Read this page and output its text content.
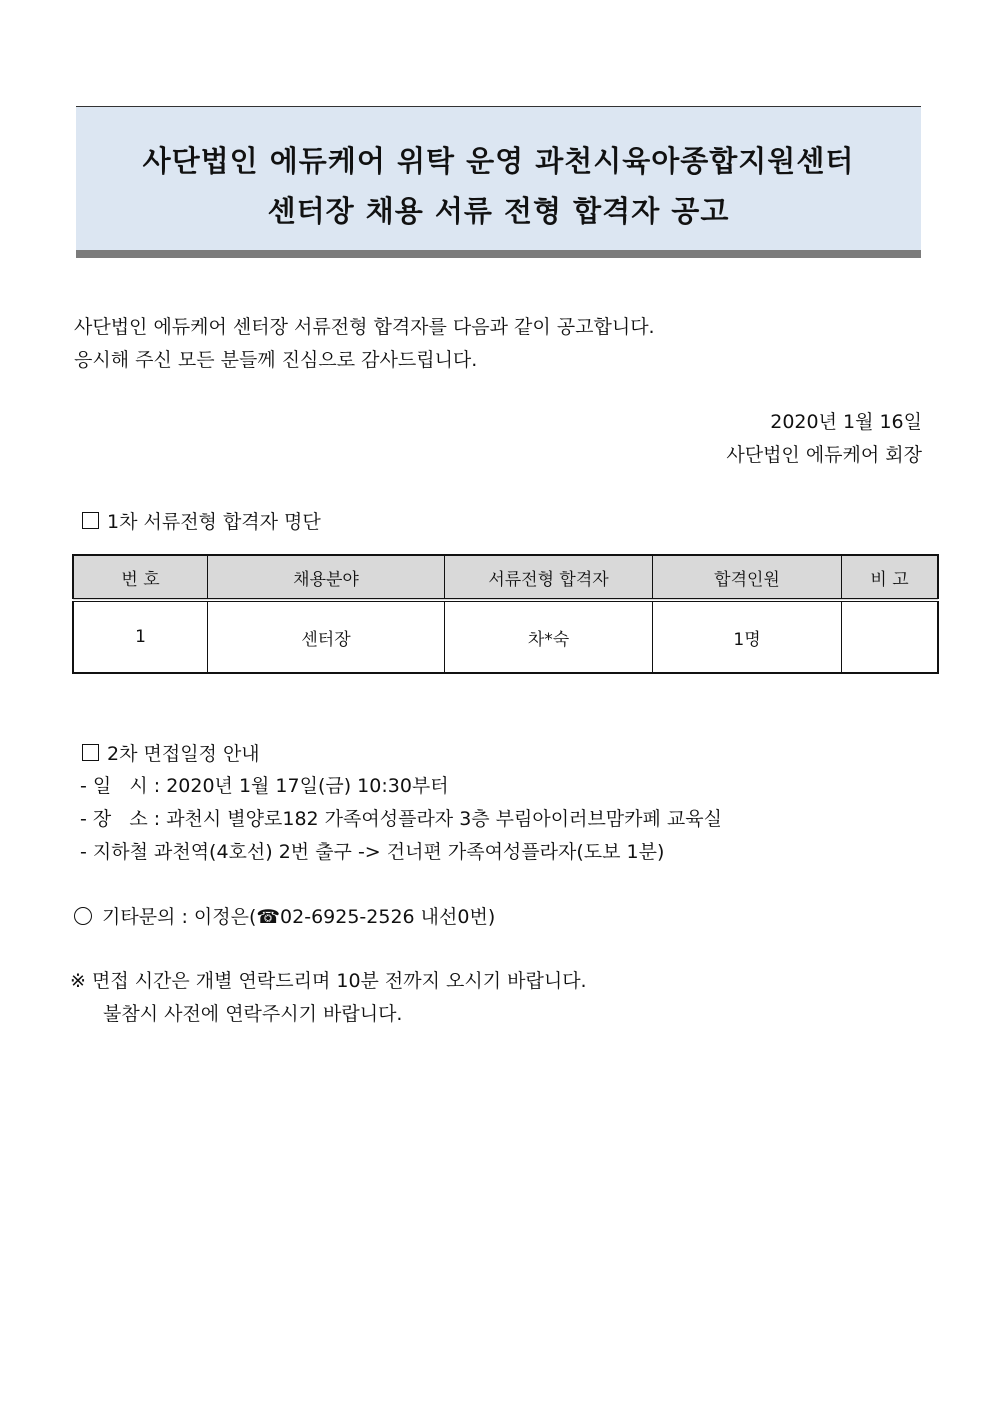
사단법인 에듀케어 위탁 운영 과천시육아종합지원센터
센터장 채용 서류 전형 합격자 공고
사단법인 에듀케어 센터장 서류전형 합격자를 다음과 같이 공고합니다.
응시해 주신 모든 분들께 진심으로 감사드립니다.
2020년 1월 16일
사단법인 에듀케어 회장
1차 서류전형 합격자 명단
번 호	채용분야	서류전형 합격자	합격인원	비 고
1	센터장	차*숙	1명	
2차 면접일정 안내
- 일   시 : 2020년 1월 17일(금) 10:30부터
- 장   소 : 과천시 별양로182 가족여성플라자 3층 부림아이러브맘카페 교육실
- 지하철 과천역(4호선) 2번 출구 -> 건너편 가족여성플라자(도보 1분)
기타문의 : 이정은(☎02-6925-2526 내선0번)
※ 면접 시간은 개별 연락드리며 10분 전까지 오시기 바랍니다.
불참시 사전에 연락주시기 바랍니다.
